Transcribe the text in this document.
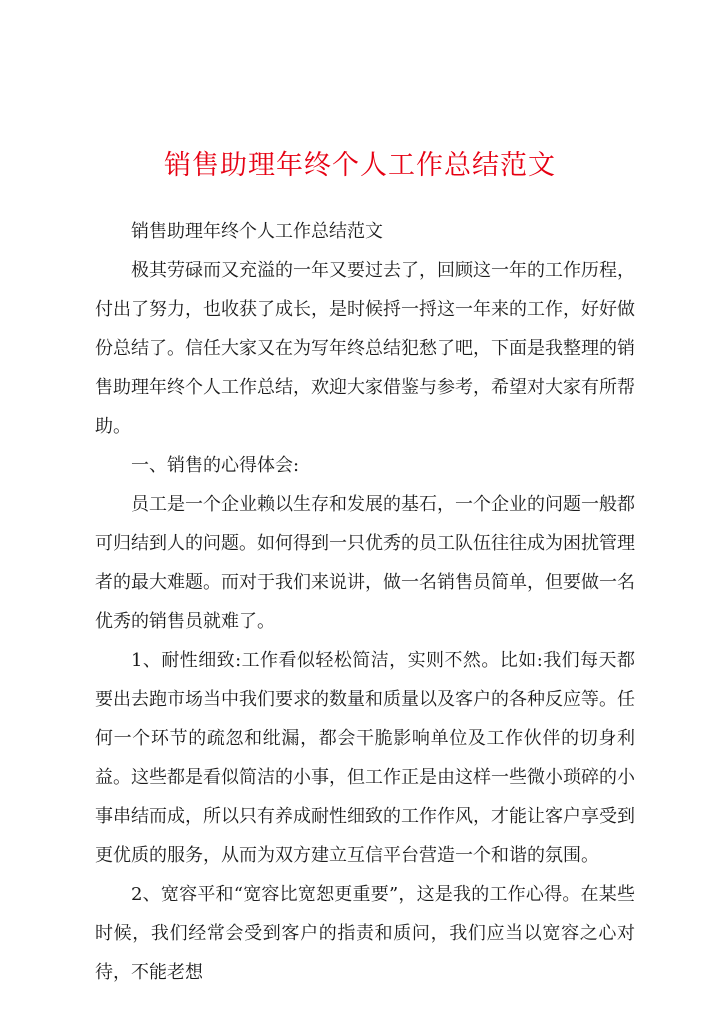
销售助理年终个人工作总结范文

销售助理年终个人工作总结范文

极其劳碌而又充溢的一年又要过去了，回顾这一年的工作历程，付出了努力，也收获了成长，是时候捋一捋这一年来的工作，好好做份总结了。信任大家又在为写年终总结犯愁了吧，下面是我整理的销售助理年终个人工作总结，欢迎大家借鉴与参考，希望对大家有所帮助。

一、销售的心得体会:

员工是一个企业赖以生存和发展的基石，一个企业的问题一般都可归结到人的问题。如何得到一只优秀的员工队伍往往成为困扰管理者的最大难题。而对于我们来说讲，做一名销售员简单，但要做一名优秀的销售员就难了。

1、耐性细致:工作看似轻松简洁，实则不然。比如:我们每天都要出去跑市场当中我们要求的数量和质量以及客户的各种反应等。任何一个环节的疏忽和纰漏，都会干脆影响单位及工作伙伴的切身利益。这些都是看似简洁的小事，但工作正是由这样一些微小琐碎的小事串结而成，所以只有养成耐性细致的工作作风，才能让客户享受到更优质的服务，从而为双方建立互信平台营造一个和谐的氛围。

2、宽容平和“宽容比宽恕更重要”，这是我的工作心得。在某些时候，我们经常会受到客户的指责和质问，我们应当以宽容之心对待，不能老想
